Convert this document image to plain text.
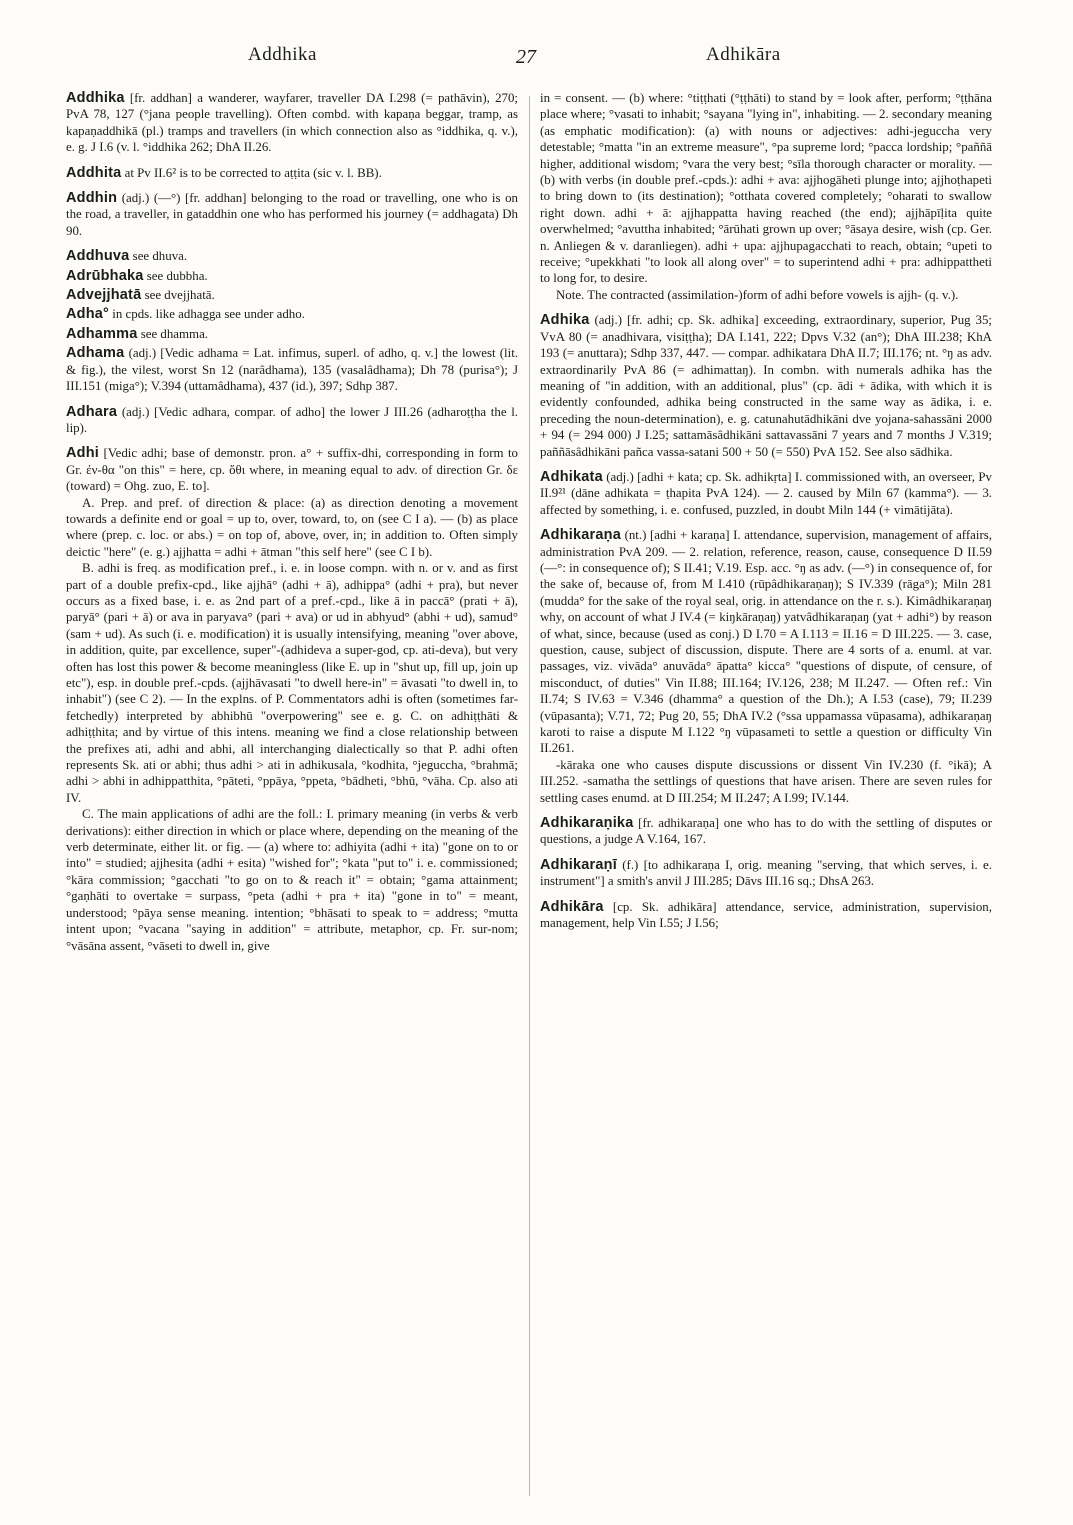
Addhika	27	Adhikāra

Addhika [fr. addhan] a wanderer, wayfarer, traveller DA I.298 (= pathāvin), 270; PvA 78, 127 (°jana people travelling). Often combd. with kapaṇa beggar, tramp, as kapaṇaddhikā (pl.) tramps and travellers (in which connection also as °iddhika, q. v.), e. g. J I.6 (v. l. °iddhika 262; DhA II.26.

Addhita at Pv II.6² is to be corrected to aṭṭita (sic v. l. BB).

Addhin (adj.) (—°) [fr. addhan] belonging to the road or travelling, one who is on the road, a traveller, in gataddhin one who has performed his journey (= addhagata) Dh 90.

Addhuva see dhuva.

Adrūbhaka see dubbha.

Advejjhatā see dvejjhatā.

Adha° in cpds. like adhagga see under adho.

Adhamma see dhamma.

Adhama (adj.) [Vedic adhama = Lat. infimus, superl. of adho, q. v.] the lowest (lit. & fig.), the vilest, worst Sn 12 (narâdhama), 135 (vasalâdhama); Dh 78 (purisa°); J III.151 (miga°); V.394 (uttamâdhama), 437 (id.), 397; Sdhp 387.

Adhara (adj.) [Vedic adhara, compar. of adho] the lower J III.26 (adharoṭṭha the l. lip).

Adhi [Vedic adhi; base of demonstr. pron. a° + suffix-dhi, corresponding in form to Gr. ἐν-θα "on this" = here, cp. ὅθι where, in meaning equal to adv. of direction Gr. δε (toward) = Ohg. zuo, E. to].

A. Prep. and pref. of direction & place: (a) as direction denoting a movement towards a definite end or goal = up to, over, toward, to, on (see C I a). — (b) as place where (prep. c. loc. or abs.) = on top of, above, over, in; in addition to. Often simply deictic "here" (e. g.) ajjhatta = adhi + ātman "this self here" (see C I b).

B. adhi is freq. as modification pref., i. e. in loose compn. with n. or v. and as first part of a double prefix-cpd., like ajjhā° (adhi + ā), adhippa° (adhi + pra), but never occurs as a fixed base, i. e. as 2nd part of a pref.-cpd., like ā in paccā° (prati + ā), paryā° (pari + ā) or ava in paryava° (pari + ava) or ud in abhyud° (abhi + ud), samud° (sam + ud). As such (i. e. modification) it is usually intensifying, meaning "over above, in addition, quite, par excellence, super"-(adhideva a super-god, cp. ati-deva), but very often has lost this power & become meaningless (like E. up in "shut up, fill up, join up etc"), esp. in double pref.-cpds. (ajjhāvasati "to dwell here-in" = āvasati "to dwell in, to inhabit") (see C 2). — In the explns. of P. Commentators adhi is often (sometimes far-fetchedly) interpreted by abhibhū "overpowering" see e. g. C. on adhiṭṭhāti & adhiṭṭhita; and by virtue of this intens. meaning we find a close relationship between the prefixes ati, adhi and abhi, all interchanging dialectically so that P. adhi often represents Sk. ati or abhi; thus adhi > ati in adhikusala, °kodhita, °jeguccha, °brahmā; adhi > abhi in adhippatthita, °pāteti, °ppāya, °ppeta, °bādheti, °bhū, °vāha. Cp. also ati IV.

C. The main applications of adhi are the foll.: I. primary meaning (in verbs & verb derivations): either direction in which or place where, depending on the meaning of the verb determinate, either lit. or fig. — (a) where to: adhiyita (adhi + ita) "gone on to or into" = studied; ajjhesita (adhi + esita) "wished for"; °kata "put to" i. e. commissioned; °kāra commission; °gacchati "to go on to & reach it" = obtain; °gama attainment; °gaṇhāti to overtake = surpass, °peta (adhi + pra + ita) "gone in to" = meant, understood; °pāya sense meaning. intention; °bhāsati to speak to = address; °mutta intent upon; °vacana "saying in addition" = attribute, metaphor, cp. Fr. sur-nom; °vāsāna assent, °vāseti to dwell in, give

in = consent. — (b) where: °tiṭṭhati (°ṭṭhāti) to stand by = look after, perform; °ṭṭhāna place where; °vasati to inhabit; °sayana "lying in", inhabiting. — 2. secondary meaning (as emphatic modification): (a) with nouns or adjectives: adhi-jeguccha very detestable; °matta "in an extreme measure", °pa supreme lord; °pacca lordship; °paññā higher, additional wisdom; °vara the very best; °sīla thorough character or morality. — (b) with verbs (in double pref.-cpds.): adhi + ava: ajjhogāheti plunge into; ajjhoṭhapeti to bring down to (its destination); °otthata covered completely; °oharati to swallow right down. adhi + ā: ajjhappatta having reached (the end); ajjhāpīḷita quite overwhelmed; °avuttha inhabited; °ārūhati grown up over; °āsaya desire, wish (cp. Ger. n. Anliegen & v. daranliegen). adhi + upa: ajjhupagacchati to reach, obtain; °upeti to receive; °upekkhati "to look all along over" = to superintend adhi + pra: adhippattheti to long for, to desire.

Note. The contracted (assimilation-)form of adhi before vowels is ajjh- (q. v.).

Adhika (adj.) [fr. adhi; cp. Sk. adhika] exceeding, extraordinary, superior, Pug 35; VvA 80 (= anadhivara, visiṭṭha); DA I.141, 222; Dpvs V.32 (an°); DhA III.238; KhA 193 (= anuttara); Sdhp 337, 447. — compar. adhikatara DhA II.7; III.176; nt. °ŋ as adv. extraordinarily PvA 86 (= adhimattaŋ). In combn. with numerals adhika has the meaning of "in addition, with an additional, plus" (cp. ādi + ādika, with which it is evidently confounded, adhika being constructed in the same way as ādika, i. e. preceding the noun-determination), e. g. catunahutādhikāni dve yojana-sahassāni 2000 + 94 (= 294 000) J I.25; sattamāsâdhikāni sattavassāni 7 years and 7 months J V.319; paññāsâdhikāni pañca vassa-satani 500 + 50 (= 550) PvA 152. See also sādhika.

Adhikata (adj.) [adhi + kata; cp. Sk. adhikṛta] I. commissioned with, an overseer, Pv II.9²¹ (dāne adhikata = ṭhapita PvA 124). — 2. caused by Miln 67 (kamma°). — 3. affected by something, i. e. confused, puzzled, in doubt Miln 144 (+ vimātijāta).

Adhikaraṇa (nt.) [adhi + karaṇa] I. attendance, supervision, management of affairs, administration PvA 209. — 2. relation, reference, reason, cause, consequence D II.59 (—°: in consequence of); S II.41; V.19. Esp. acc. °ŋ as adv. (—°) in consequence of, for the sake of, because of, from M I.410 (rūpâdhikaraṇaŋ); S IV.339 (rāga°); Miln 281 (mudda° for the sake of the royal seal, orig. in attendance on the r. s.). Kimâdhikaraṇaŋ why, on account of what J IV.4 (= kiŋkāraṇaŋ) yatvâdhikaraṇaŋ (yat + adhi°) by reason of what, since, because (used as conj.) D I.70 = A I.113 = II.16 = D III.225. — 3. case, question, cause, subject of discussion, dispute. There are 4 sorts of a. enuml. at var. passages, viz. vivāda° anuvāda° āpatta° kicca° "questions of dispute, of censure, of misconduct, of duties" Vin II.88; III.164; IV.126, 238; M II.247. — Often ref.: Vin II.74; S IV.63 = V.346 (dhamma° a question of the Dh.); A I.53 (case), 79; II.239 (vūpasanta); V.71, 72; Pug 20, 55; DhA IV.2 (°ssa uppamassa vūpasama), adhikaraṇaŋ karoti to raise a dispute M I.122 °ŋ vūpasameti to settle a question or difficulty Vin II.261.

-kāraka one who causes dispute discussions or dissent Vin IV.230 (f. °ikā); A III.252. -samatha the settlings of questions that have arisen. There are seven rules for settling cases enumd. at D III.254; M II.247; A I.99; IV.144.

Adhikaraṇika [fr. adhikaraṇa] one who has to do with the settling of disputes or questions, a judge A V.164, 167.

Adhikaraṇī (f.) [to adhikaraṇa I, orig. meaning "serving, that which serves, i. e. instrument"] a smith's anvil J III.285; Dāvs III.16 sq.; DhsA 263.

Adhikāra [cp. Sk. adhikāra] attendance, service, administration, supervision, management, help Vin I.55; J I.56;
